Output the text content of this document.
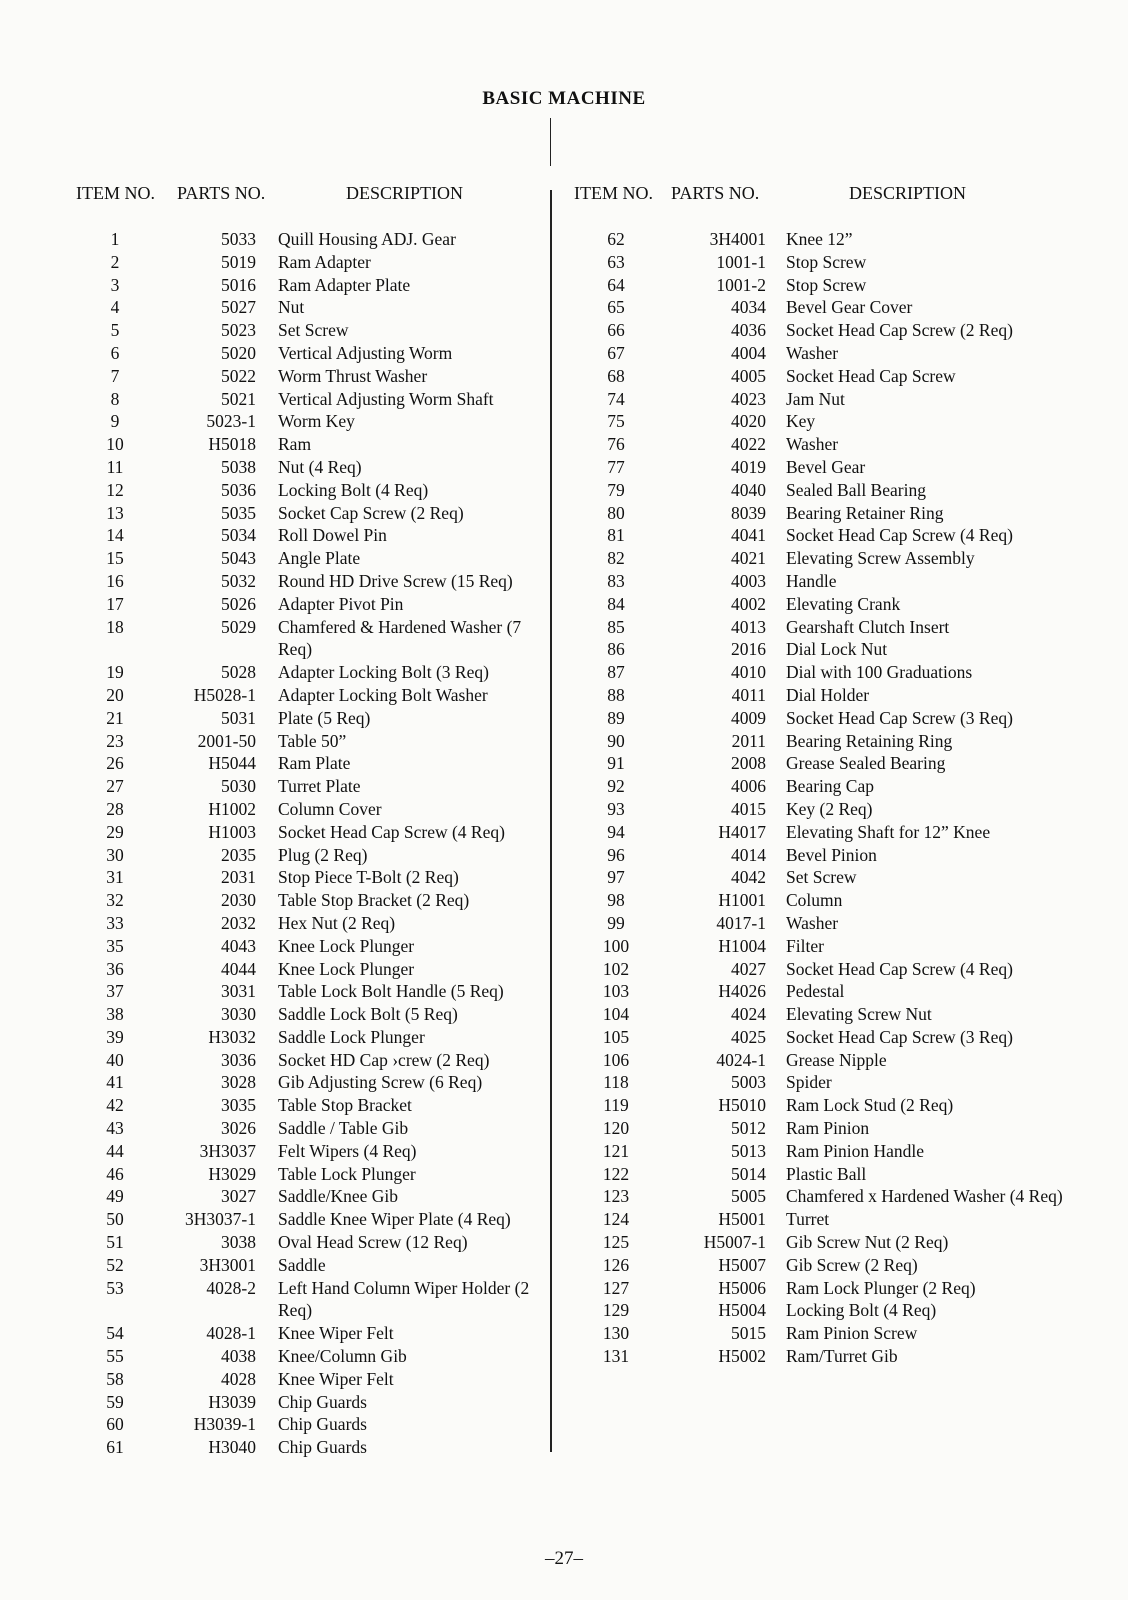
BASIC MACHINE
ITEM NO. PARTS NO.	DESCRIPTION
1	5033 Quill Housing ADJ. Gear
2	5019 Ram Adapter
3	5016 Ram Adapter Plate
4	5027 Nut
5	5023 Set Screw
6	5020 Vertical Adjusting Worm
7	5022 Worm Thrust Washer
8	5021 Vertical Adjusting Worm Shaft
9	5023-1 Worm Key
10	H5018 Ram
11	5038 Nut (4 Req)
12	5036 Locking Bolt (4 Req)
13	5035 Socket Cap Screw (2 Req)
14	5034 Roll Dowel Pin
15	5043 Angle Plate
16	5032 Round HD Drive Screw (15 Req)
17	5026 Adapter Pivot Pin
18	5029 Chamfered & Hardened Washer (7 Req)
19	5028 Adapter Locking Bolt (3 Req)
20	H5028-1 Adapter Locking Bolt Washer
21	5031 Plate (5 Req)
23	2001-50 Table 50”
26	H5044 Ram Plate
27	5030 Turret Plate
28	H1002 Column Cover
29	H1003 Socket Head Cap Screw (4 Req)
30	2035 Plug (2 Req)
31	2031 Stop Piece T-Bolt (2 Req)
32	2030 Table Stop Bracket (2 Req)
33	2032 Hex Nut (2 Req)
35	4043 Knee Lock Plunger
36	4044 Knee Lock Plunger
37	3031 Table Lock Bolt Handle (5 Req)
38	3030 Saddle Lock Bolt (5 Req)
39	H3032 Saddle Lock Plunger
40	3036 Socket HD Cap ›crew (2 Req)
41	3028 Gib Adjusting Screw (6 Req)
42	3035 Table Stop Bracket
43	3026 Saddle / Table Gib
44	3H3037 Felt Wipers (4 Req)
46	H3029 Table Lock Plunger
49	3027 Saddle/Knee Gib
50	3H3037-1 Saddle Knee Wiper Plate (4 Req)
51	3038 Oval Head Screw (12 Req)
52	3H3001 Saddle
53	4028-2 Left Hand Column Wiper Holder (2 Req)
54	4028-1 Knee Wiper Felt
55	4038 Knee/Column Gib
58	4028 Knee Wiper Felt
59	H3039 Chip Guards
60	H3039-1 Chip Guards
61	H3040 Chip Guards
ITEM NO. PARTS NO.	DESCRIPTION
62	3H4001 Knee 12”
63	1001-1 Stop Screw
64	1001-2 Stop Screw
65	4034 Bevel Gear Cover
66	4036 Socket Head Cap Screw (2 Req)
67	4004 Washer
68	4005 Socket Head Cap Screw
74	4023 Jam Nut
75	4020 Key
76	4022 Washer
77	4019 Bevel Gear
79	4040 Sealed Ball Bearing
80	8039 Bearing Retainer Ring
81	4041 Socket Head Cap Screw (4 Req)
82	4021 Elevating Screw Assembly
83	4003 Handle
84	4002 Elevating Crank
85	4013 Gearshaft Clutch Insert
86	2016 Dial Lock Nut
87	4010 Dial with 100 Graduations
88	4011 Dial Holder
89	4009 Socket Head Cap Screw (3 Req)
90	2011 Bearing Retaining Ring
91	2008 Grease Sealed Bearing
92	4006 Bearing Cap
93	4015 Key (2 Req)
94	H4017 Elevating Shaft for 12” Knee
96	4014 Bevel Pinion
97	4042 Set Screw
98	H1001 Column
99	4017-1 Washer
100	H1004 Filter
102	4027 Socket Head Cap Screw (4 Req)
103	H4026 Pedestal
104	4024 Elevating Screw Nut
105	4025 Socket Head Cap Screw (3 Req)
106	4024-1 Grease Nipple
118	5003 Spider
119	H5010 Ram Lock Stud (2 Req)
120	5012 Ram Pinion
121	5013 Ram Pinion Handle
122	5014 Plastic Ball
123	5005 Chamfered x Hardened Washer (4 Req)
124	H5001 Turret
125	H5007-1 Gib Screw Nut (2 Req)
126	H5007 Gib Screw (2 Req)
127	H5006 Ram Lock Plunger (2 Req)
129	H5004 Locking Bolt (4 Req)
130	5015 Ram Pinion Screw
131	H5002 Ram/Turret Gib
–27–
